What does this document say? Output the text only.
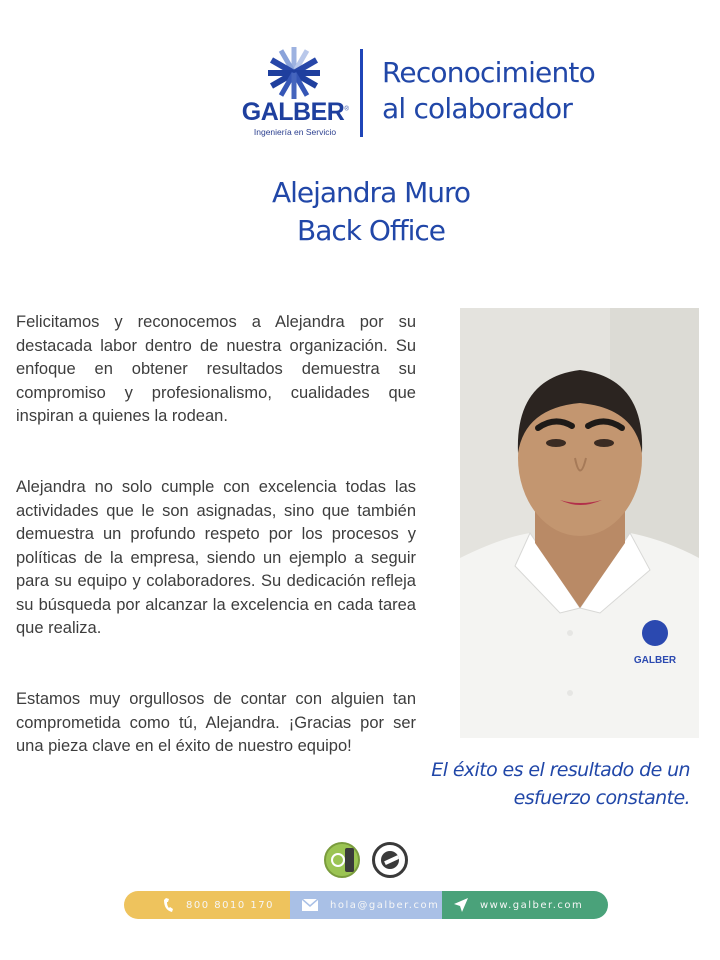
GALBER®
Ingeniería en Servicio
Reconocimiento
al colaborador
Alejandra Muro
Back Office

Felicitamos y reconocemos a Alejandra por su destacada labor dentro de nuestra organización. Su enfoque en obtener resultados demuestra su compromiso y profesionalismo, cualidades que inspiran a quienes la rodean.

Alejandra no solo cumple con excelencia todas las actividades que le son asignadas, sino que también demuestra un profundo respeto por los procesos y políticas de la empresa, siendo un ejemplo a seguir para su equipo y colaboradores. Su dedicación refleja su búsqueda por alcanzar la excelencia en cada tarea que realiza.

Estamos muy orgullosos de contar con alguien tan comprometida como tú, Alejandra. ¡Gracias por ser una pieza clave en el éxito de nuestro equipo!

GALBER
El éxito es el resultado de un
esfuerzo constante.
800 8010 170	hola@galber.com	www.galber.com
